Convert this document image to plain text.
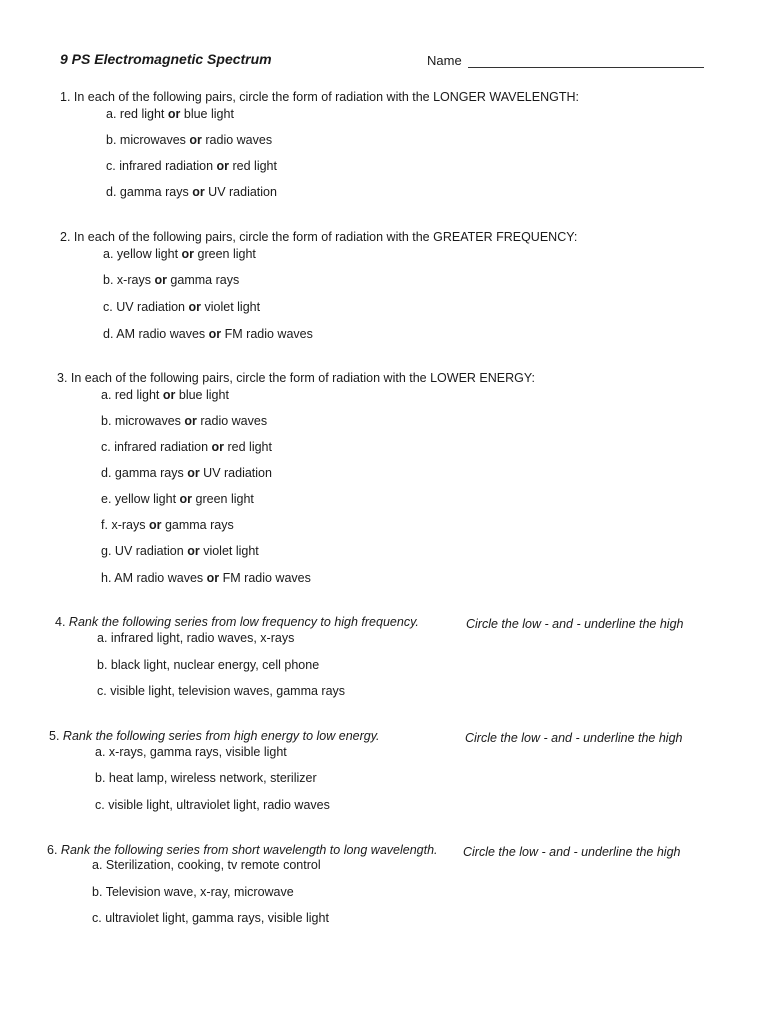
9 PS Electromagnetic Spectrum	Name
1. In each of the following pairs, circle the form of radiation with the LONGER WAVELENGTH:
a. red light or blue light
b. microwaves or radio waves
c. infrared radiation or red light
d. gamma rays or UV radiation
2. In each of the following pairs, circle the form of radiation with the GREATER FREQUENCY:
a. yellow light or green light
b. x-rays or gamma rays
c. UV radiation or violet light
d. AM radio waves or FM radio waves
3. In each of the following pairs, circle the form of radiation with the LOWER ENERGY:
a. red light or blue light
b. microwaves or radio waves
c. infrared radiation or red light
d. gamma rays or UV radiation
e. yellow light or green light
f. x-rays or gamma rays
g. UV radiation or violet light
h. AM radio waves or FM radio waves
4. Rank the following series from low frequency to high frequency.	Circle the low - and - underline the high
a. infrared light, radio waves, x-rays
b. black light, nuclear energy, cell phone
c. visible light, television waves, gamma rays
5. Rank the following series from high energy to low energy.	Circle the low - and - underline the high
a. x-rays, gamma rays, visible light
b. heat lamp, wireless network, sterilizer
c. visible light, ultraviolet light, radio waves
6. Rank the following series from short wavelength to long wavelength. Circle the low - and - underline the high
a. Sterilization, cooking, tv remote control
b. Television wave, x-ray, microwave
c. ultraviolet light, gamma rays, visible light
